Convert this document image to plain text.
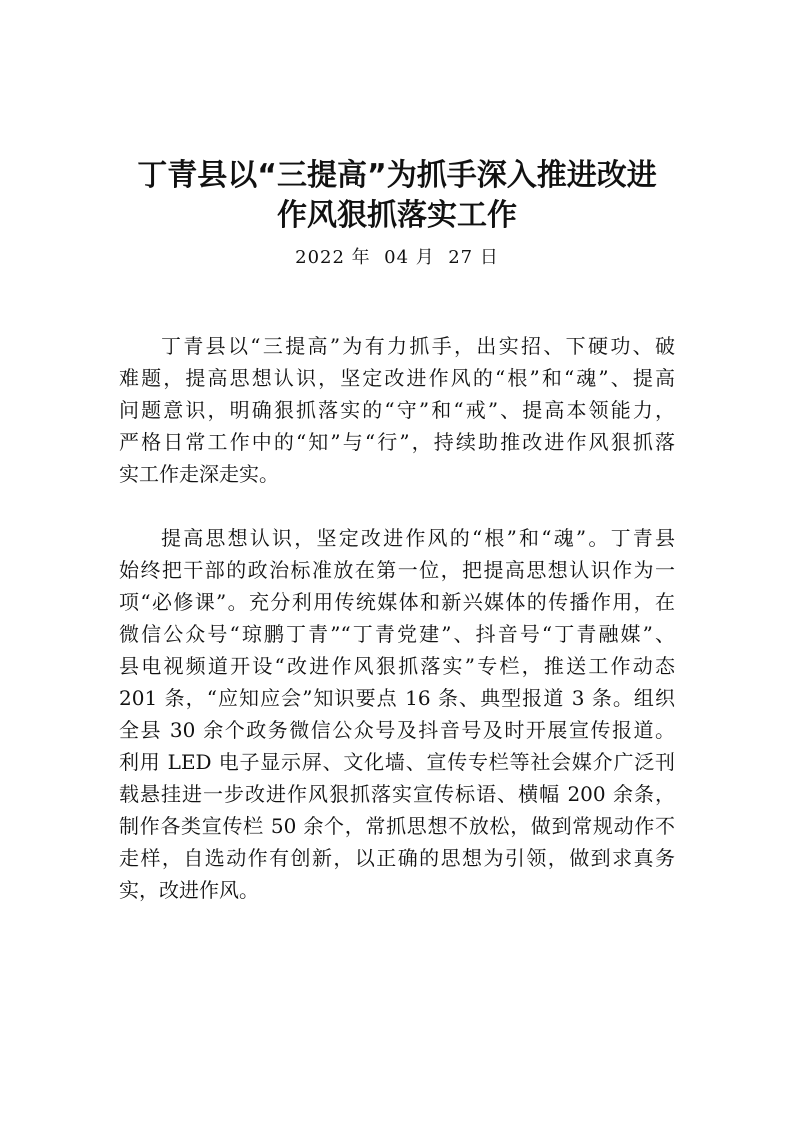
丁青县以“三提高”为抓手深入推进改进
作风狠抓落实工作
2022 年  04 月  27 日
丁青县以“三提高”为有力抓手，出实招、下硬功、破
难题，提高思想认识，坚定改进作风的“根”和“魂”、提高
问题意识，明确狠抓落实的“守”和“戒”、提高本领能力，
严格日常工作中的“知”与“行”，持续助推改进作风狠抓落
实工作走深走实。
提高思想认识，坚定改进作风的“根”和“魂”。丁青县
始终把干部的政治标准放在第一位，把提高思想认识作为一
项“必修课”。充分利用传统媒体和新兴媒体的传播作用，在
微信公众号“琼鹏丁青”“丁青党建”、抖音号“丁青融媒”、
县电视频道开设“改进作风狠抓落实”专栏，推送工作动态
201 条，“应知应会”知识要点 16 条、典型报道 3 条。组织
全县 30 余个政务微信公众号及抖音号及时开展宣传报道。
利用 LED 电子显示屏、文化墙、宣传专栏等社会媒介广泛刊
载悬挂进一步改进作风狠抓落实宣传标语、横幅 200 余条，
制作各类宣传栏 50 余个，常抓思想不放松，做到常规动作不
走样，自选动作有创新，以正确的思想为引领，做到求真务
实，改进作风。
